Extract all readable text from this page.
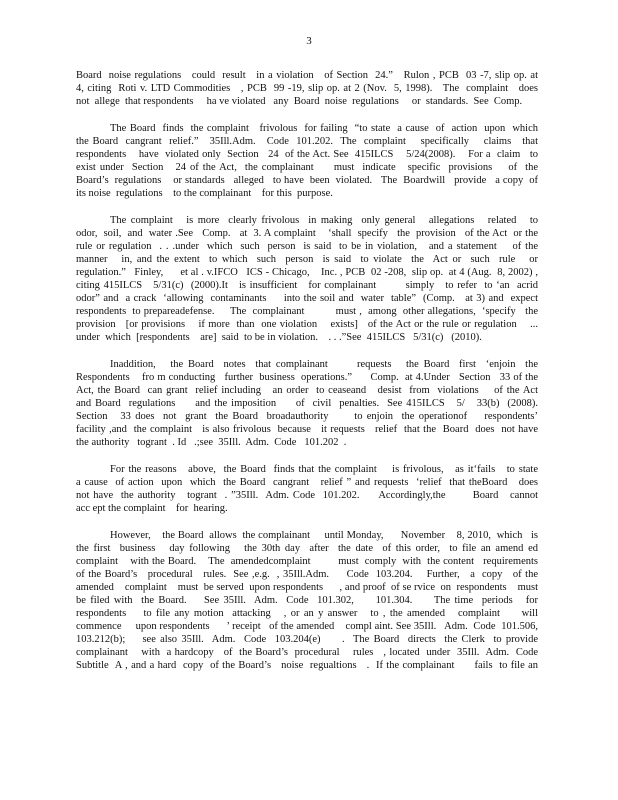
3
Board  noise regulations   could  result   in a violation   of Section  24.”   Rulon , PCB  03 -7, slip op. at
4, citing  Roti v. LTD Commodities   , PCB  99 -19, slip op. at 2 (Nov.  5, 1998).   The  complaint   does
not  allege  that respondents     ha ve violated   any  Board  noise  regulations     or  standards.  See  Comp.
The Board  finds  the complaint   frivolous  for failing  “to state  a cause  of  action  upon  which
the Board  cangrant  relief.”   35Ill.Adm.   Code  101.202.  The  complaint    specifically    claims   that
respondents    have  violated only  Section   24  of the Act. See  415ILCS    5/24(2008).    For a  claim   to
exist under  Section   24 of the Act,  the complainant     must  indicate   specific  provisions    of  the
Board’s  regulations    or standards   alleged   to have  been  violated.   The  Boardwill   provide   a copy  of
its noise  regulations    to the complainant    for this  purpose.
The complaint   is more  clearly frivolous  in making  only general   allegations   related   to
odor,  soil,  and  water .See   Comp.   at  3. A complaint    ‘shall  specify   the  provision   of the Act  or the
rule or regulation  . . .under  which  such  person  is said  to be in violation,   and a statement    of the
manner   in, and the extent  to which  such  person  is said  to violate  the  Act or  such  rule   or
regulation.”   Finley,      et al . v.IFCO   ICS - Chicago,    Inc. , PCB  02 -208,  slip op.  at 4 (Aug.  8, 2002) ,
citing 415ILCS   5/31(c)  (2000).It   is insufficient   for complainant        simply   to refer  to ‘an  acrid
odor” and  a crack  ‘allowing  contaminants     into the soil and  water  table”  (Comp.   at 3) and  expect
respondents  to prepareadefense.     The  complainant          must ,  among  other allegations,  ‘specify   the
provision   [or provisions    if more  than  one violation    exists]   of the Act or the rule or regulation    ...
under  which  [respondents    are]  said  to be in violation.    . . .”See  415ILCS   5/31(c)   (2010).
Inaddition,   the Board  notes  that complainant      requests   the Board  first  ‘enjoin  the
Respondents    fro m conducting   further  business  operations.”      Comp.  at 4.Under   Section   33 of the
Act, the Board  can grant  relief including   an order  to ceaseand   desist  from  violations    of the Act
and Board  regulations     and the imposition     of  civil  penalties.  See 415ILCS   5/   33(b)  (2008).
Section   33 does  not  grant  the Board  broadauthority      to enjoin  the operationof    respondents’
facility ,and  the complaint   is also frivolous  because   it requests   relief  that the  Board  does  not have
the authority   togrant  . Id   .;see  35Ill.  Adm.  Code   101.202  .
For the reasons   above,  the Board  finds that the complaint    is frivolous,   as it‘fails   to state
a cause  of action  upon  which  the Board  cangrant   relief ” and requests  ‘relief  that theBoard   does
not have  the authority   togrant  . ”35Ill.  Adm. Code  101.202.     Accordingly,the       Board   cannot
acc ept the complaint    for  hearing.
However,    the Board  allows  the complainant     until Monday,      November    8, 2010,  which   is
the first  business   day following   the 30th day  after  the date  of this order,  to file an amend ed
complaint    with the Board.    The  amendedcomplaint         must  comply  with  the content   requirements
of the Board’s   procedural   rules.  See ,e.g.  , 35Ill.Adm.     Code  103.204.    Further,   a  copy   of the
amended    complaint    must  be served  upon respondents      , and proof  of se rvice  on  respondents    must
be filed with  the Board.    See 35Ill.  Adm.  Code  101.302,     101.304.     The time  periods   for
respondents    to file any motion  attacking   , or an y answer   to , the amended   complaint     will
commence     upon respondents      ’ receipt   of the amended    compl aint. See 35Ill.   Adm.  Code  101.506,
103.212(b);    see also 35Ill.  Adm.  Code  103.204(e)     .  The Board  directs  the Clerk  to provide
complainant    with  a hardcopy   of  the Board’s  procedural    rules   , located  under  35Ill.  Adm.  Code
Subtitle  A , and a hard  copy  of the Board’s   noise  regualtions   .  If the complainant      fails  to file an
